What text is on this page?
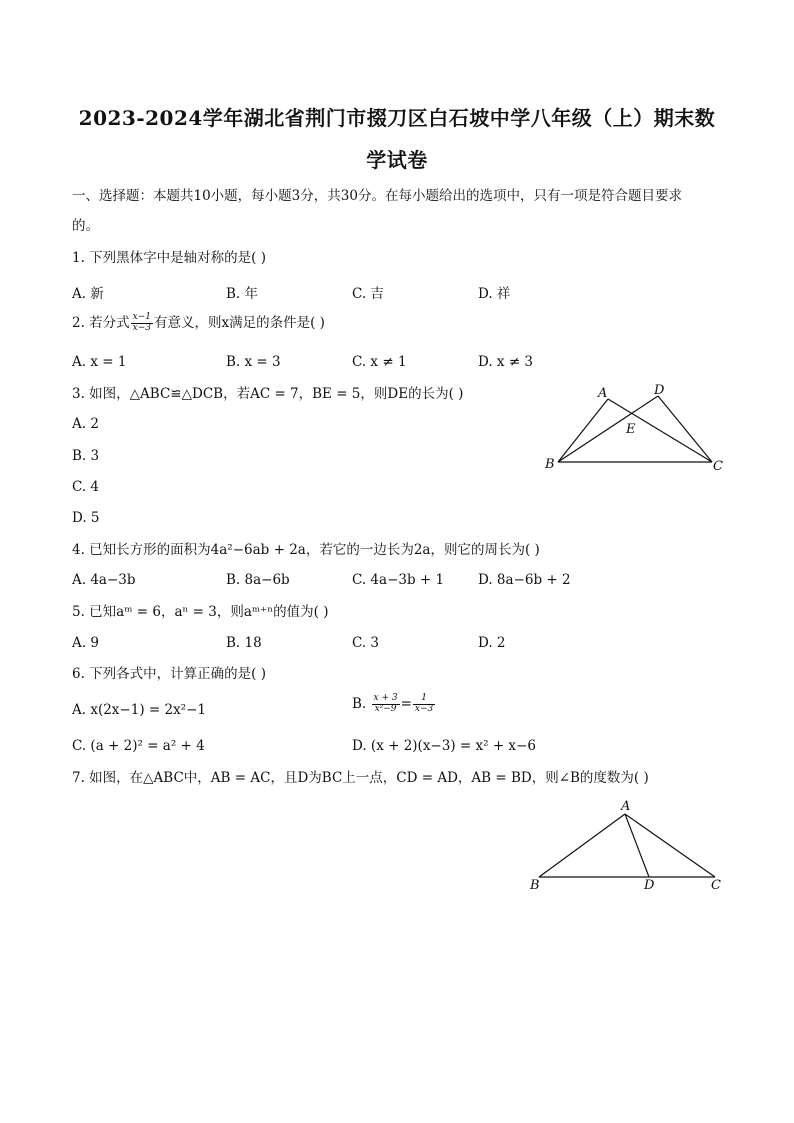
2023-2024学年湖北省荆门市掇刀区白石坡中学八年级（上）期末数
学试卷
一、选择题：本题共10小题，每小题3分，共30分。在每小题给出的选项中，只有一项是符合题目要求
的。
1. 下列黑体字中是轴对称的是( )
A. 新	B. 年	C. 吉	D. 祥
2. 若分式 $\frac{x-1}{x-3}$ 有意义，则x满足的条件是( )
A. x = 1	B. x = 3	C. x ≠ 1	D. x ≠ 3
3. 如图，△ABC≌△DCB，若AC = 7，BE = 5，则DE的长为( )
A. 2
B. 3
C. 4
D. 5
A	D
E
B	C
4. 已知长方形的面积为4a²−6ab + 2a，若它的一边长为2a，则它的周长为( )
A. 4a−3b	B. 8a−6b	C. 4a−3b + 1	D. 8a−6b + 2
5. 已知aᵐ = 6，aⁿ = 3，则aᵐ⁺ⁿ的值为( )
A. 9	B. 18	C. 3	D. 2
6. 下列各式中，计算正确的是( )
A. x(2x−1) = 2x²−1	B. $\frac{x + 3}{\text{x²−9}} = \frac{1}{x-3}$
C. (a + 2)² = a² + 4	D. (x + 2)(x−3) = x² + x−6
7. 如图，在△ABC中，AB = AC，且D为BC上一点，CD = AD，AB = BD，则∠B的度数为( )
A
B	D	C
